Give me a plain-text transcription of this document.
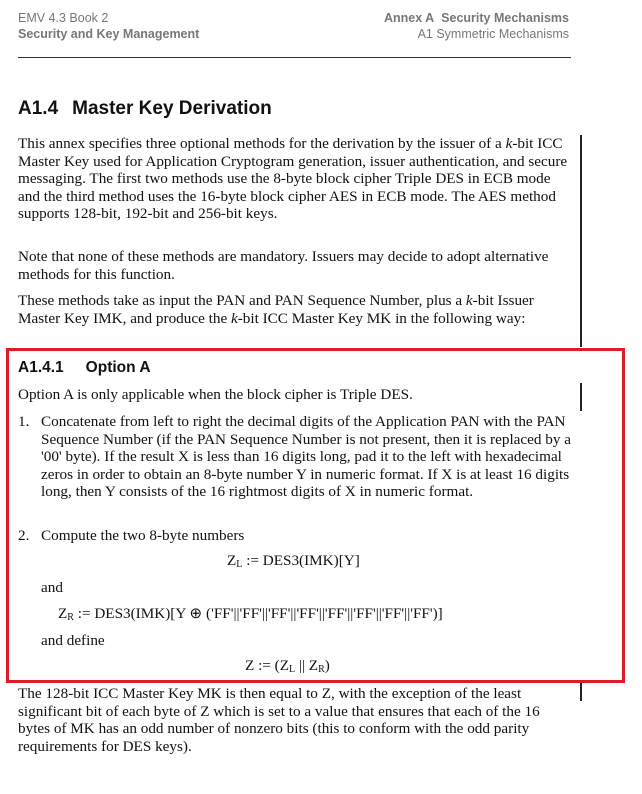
EMV 4.3 Book 2
Security and Key Management
Annex A Security Mechanisms
A1 Symmetric Mechanisms
A1.4 Master Key Derivation

This annex specifies three optional methods for the derivation by the issuer of a k-bit ICC Master Key used for Application Cryptogram generation, issuer authentication, and secure messaging. The first two methods use the 8-byte block cipher Triple DES in ECB mode and the third method uses the 16-byte block cipher AES in ECB mode. The AES method supports 128-bit, 192-bit and 256-bit keys.

Note that none of these methods are mandatory. Issuers may decide to adopt alternative methods for this function.

These methods take as input the PAN and PAN Sequence Number, plus a k-bit Issuer Master Key IMK, and produce the k-bit ICC Master Key MK in the following way:

A1.4.1 Option A

Option A is only applicable when the block cipher is Triple DES.

1. Concatenate from left to right the decimal digits of the Application PAN with the PAN Sequence Number (if the PAN Sequence Number is not present, then it is replaced by a '00' byte). If the result X is less than 16 digits long, pad it to the left with hexadecimal zeros in order to obtain an 8-byte number Y in numeric format. If X is at least 16 digits long, then Y consists of the 16 rightmost digits of X in numeric format.
2. Compute the two 8-byte numbers
$Z_L$ := DES3(IMK)[Y]
and
$Z_R$ := DES3(IMK)[Y ⊕ ('FF'||'FF'||'FF'||'FF'||'FF'||'FF'||'FF'||'FF')]
and define
Z := ($Z_L$ || $Z_R$)

The 128-bit ICC Master Key MK is then equal to Z, with the exception of the least significant bit of each byte of Z which is set to a value that ensures that each of the 16 bytes of MK has an odd number of nonzero bits (this to conform with the odd parity requirements for DES keys).
